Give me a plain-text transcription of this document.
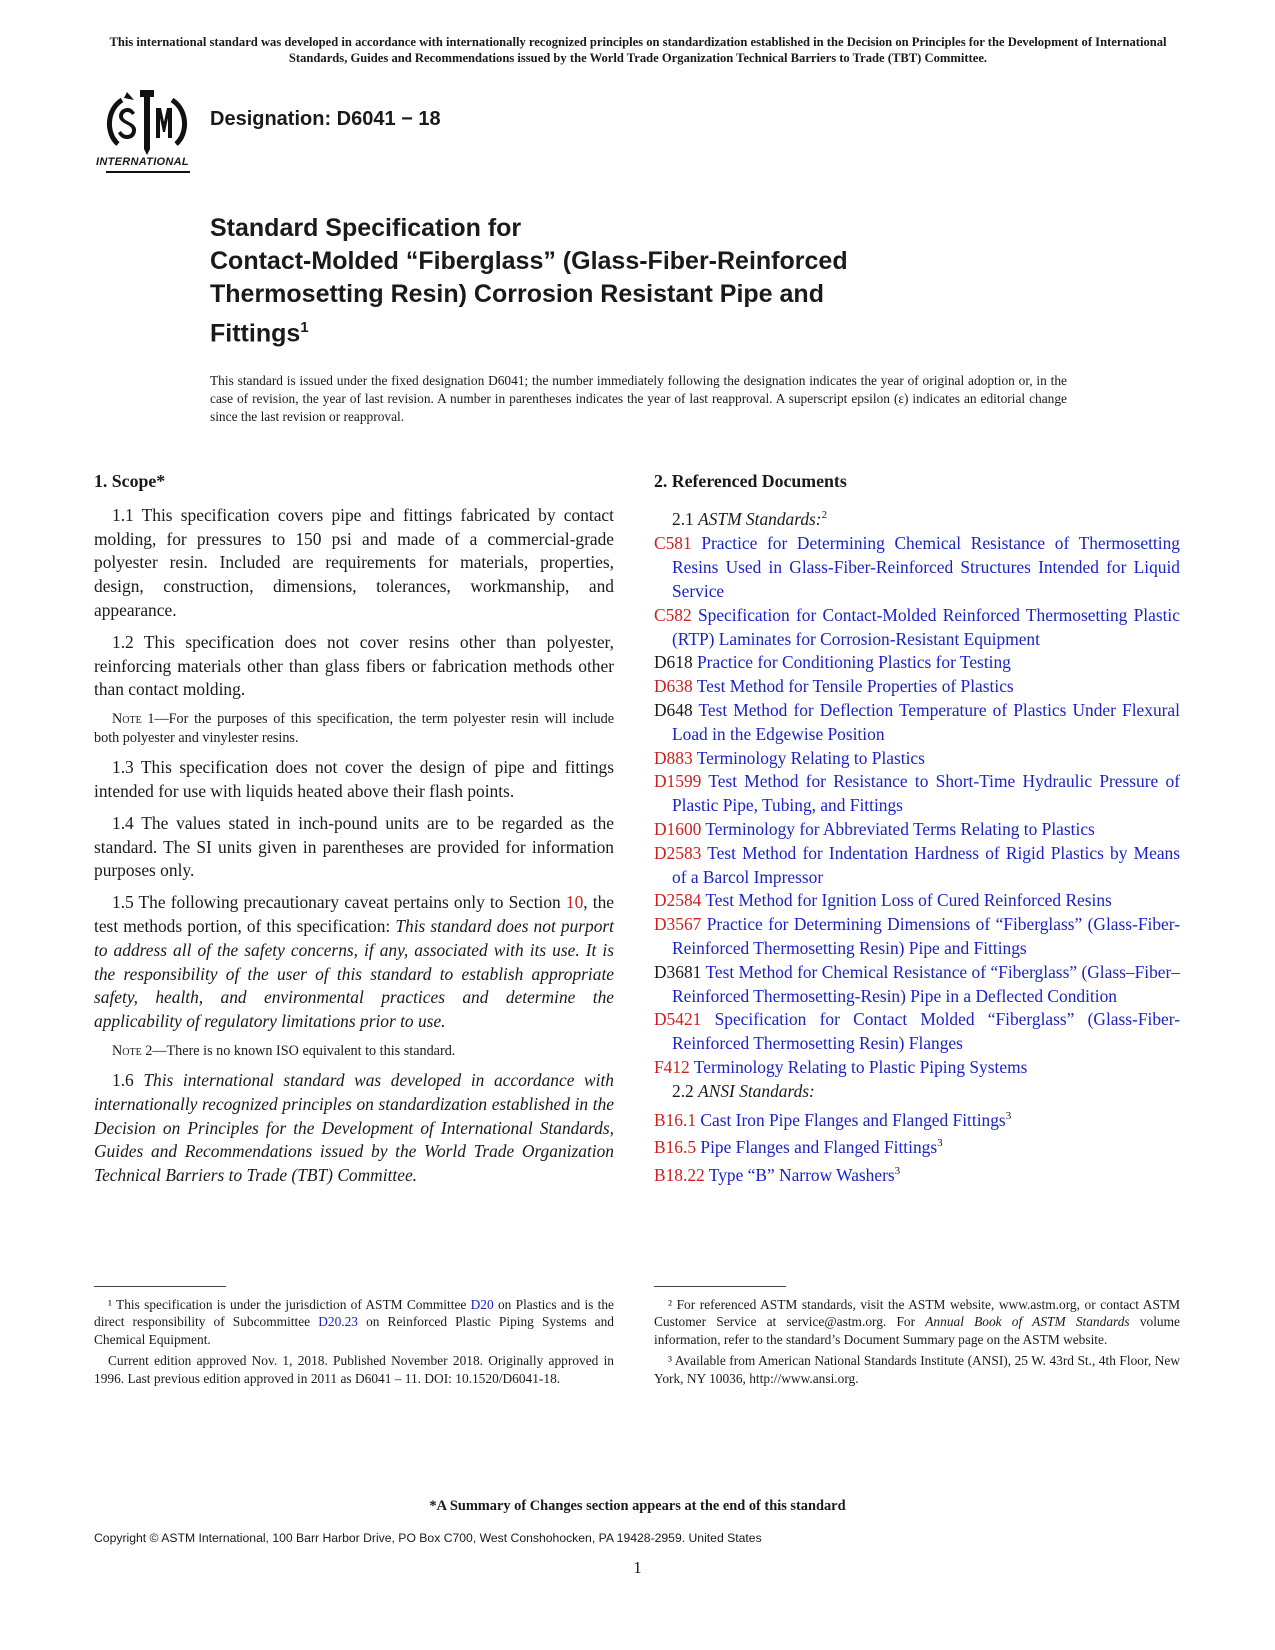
This international standard was developed in accordance with internationally recognized principles on standardization established in the Decision on Principles for the Development of International Standards, Guides and Recommendations issued by the World Trade Organization Technical Barriers to Trade (TBT) Committee.
INTERNATIONAL
Designation: D6041 − 18
Standard Specification for
Contact-Molded “Fiberglass” (Glass-Fiber-Reinforced
Thermosetting Resin) Corrosion Resistant Pipe and
Fittings$^1$
This standard is issued under the fixed designation D6041; the number immediately following the designation indicates the year of original adoption or, in the case of revision, the year of last revision. A number in parentheses indicates the year of last reapproval. A superscript epsilon (ε) indicates an editorial change since the last revision or reapproval.
1. Scope*

1.1 This specification covers pipe and fittings fabricated by contact molding, for pressures to 150 psi and made of a commercial-grade polyester resin. Included are requirements for materials, properties, design, construction, dimensions, tolerances, workmanship, and appearance.

1.2 This specification does not cover resins other than polyester, reinforcing materials other than glass fibers or fabrication methods other than contact molding.

Note 1—For the purposes of this specification, the term polyester resin will include both polyester and vinylester resins.

1.3 This specification does not cover the design of pipe and fittings intended for use with liquids heated above their flash points.

1.4 The values stated in inch-pound units are to be regarded as the standard. The SI units given in parentheses are provided for information purposes only.

1.5 The following precautionary caveat pertains only to Section 10, the test methods portion, of this specification: This standard does not purport to address all of the safety concerns, if any, associated with its use. It is the responsibility of the user of this standard to establish appropriate safety, health, and environmental practices and determine the applicability of regulatory limitations prior to use.

Note 2—There is no known ISO equivalent to this standard.

1.6 This international standard was developed in accordance with internationally recognized principles on standardization established in the Decision on Principles for the Development of International Standards, Guides and Recommendations issued by the World Trade Organization Technical Barriers to Trade (TBT) Committee.

2. Referenced Documents
2.1 ASTM Standards:$^2$

C581 Practice for Determining Chemical Resistance of Thermosetting Resins Used in Glass-Fiber-Reinforced Structures Intended for Liquid Service

C582 Specification for Contact-Molded Reinforced Thermosetting Plastic (RTP) Laminates for Corrosion-Resistant Equipment

D618 Practice for Conditioning Plastics for Testing

D638 Test Method for Tensile Properties of Plastics

D648 Test Method for Deflection Temperature of Plastics Under Flexural Load in the Edgewise Position

D883 Terminology Relating to Plastics

D1599 Test Method for Resistance to Short-Time Hydraulic Pressure of Plastic Pipe, Tubing, and Fittings

D1600 Terminology for Abbreviated Terms Relating to Plastics

D2583 Test Method for Indentation Hardness of Rigid Plastics by Means of a Barcol Impressor

D2584 Test Method for Ignition Loss of Cured Reinforced Resins

D3567 Practice for Determining Dimensions of “Fiberglass” (Glass-Fiber-Reinforced Thermosetting Resin) Pipe and Fittings

D3681 Test Method for Chemical Resistance of “Fiberglass” (Glass–Fiber–Reinforced Thermosetting-Resin) Pipe in a Deflected Condition

D5421 Specification for Contact Molded “Fiberglass” (Glass-Fiber-Reinforced Thermosetting Resin) Flanges

F412 Terminology Relating to Plastic Piping Systems

2.2 ANSI Standards:

B16.1 Cast Iron Pipe Flanges and Flanged Fittings$^3$

B16.5 Pipe Flanges and Flanged Fittings$^3$

B18.22 Type “B” Narrow Washers$^3$

¹ This specification is under the jurisdiction of ASTM Committee D20 on Plastics and is the direct responsibility of Subcommittee D20.23 on Reinforced Plastic Piping Systems and Chemical Equipment.

Current edition approved Nov. 1, 2018. Published November 2018. Originally approved in 1996. Last previous edition approved in 2011 as D6041 – 11. DOI: 10.1520/D6041-18.

² For referenced ASTM standards, visit the ASTM website, www.astm.org, or contact ASTM Customer Service at service@astm.org. For Annual Book of ASTM Standards volume information, refer to the standard’s Document Summary page on the ASTM website.

³ Available from American National Standards Institute (ANSI), 25 W. 43rd St., 4th Floor, New York, NY 10036, http://www.ansi.org.

*A Summary of Changes section appears at the end of this standard
Copyright © ASTM International, 100 Barr Harbor Drive, PO Box C700, West Conshohocken, PA 19428-2959. United States
1
